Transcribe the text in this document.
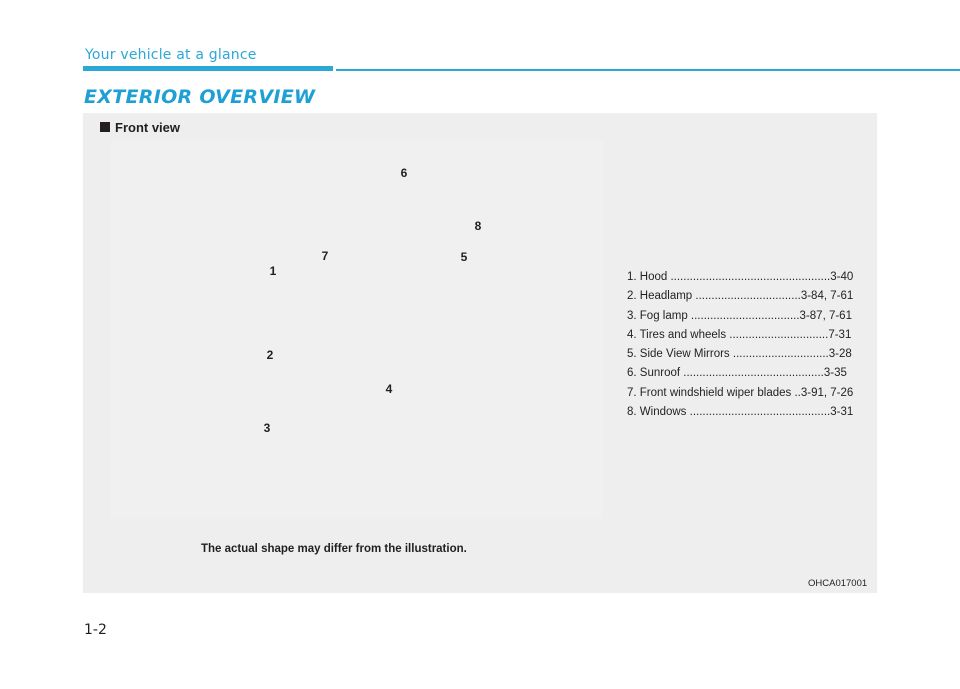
Your vehicle at a glance
EXTERIOR OVERVIEW
Front view
6
8
7	5
1
2
4
3
1. Hood ..................................................3-40
2. Headlamp .................................3-84, 7-61
3. Fog lamp ..................................3-87, 7-61
4. Tires and wheels ...............................7-31
5. Side View Mirrors ..............................3-28
6. Sunroof ............................................3-35
7. Front windshield wiper blades ..3-91, 7-26
8. Windows ............................................3-31
The actual shape may differ from the illustration.
OHCA017001
1-2
